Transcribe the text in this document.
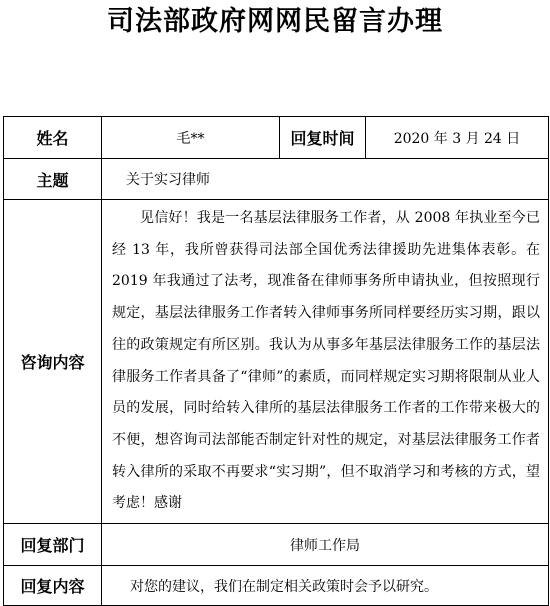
司法部政府网网民留言办理
姓名	毛**	回复时间	2020 年 3 月 24 日
主题	关于实习律师		
咨询内容	见信好！我是一名基层法律服务工作者，从 2008 年执业至今已经 13 年，我所曾获得司法部全国优秀法律援助先进集体表彰。在 2019 年我通过了法考，现准备在律师事务所申请执业，但按照现行规定，基层法律服务工作者转入律师事务所同样要经历实习期，跟以往的政策规定有所区别。我认为从事多年基层法律服务工作的基层法律服务工作者具备了“律师”的素质，而同样规定实习期将限制从业人员的发展，同时给转入律所的基层法律服务工作者的工作带来极大的不便，想咨询司法部能否制定针对性的规定，对基层法律服务工作者转入律所的采取不再要求“实习期”，但不取消学习和考核的方式，望考虑！感谢		

回复部门	律师工作局		
回复内容	对您的建议，我们在制定相关政策时会予以研究。		
